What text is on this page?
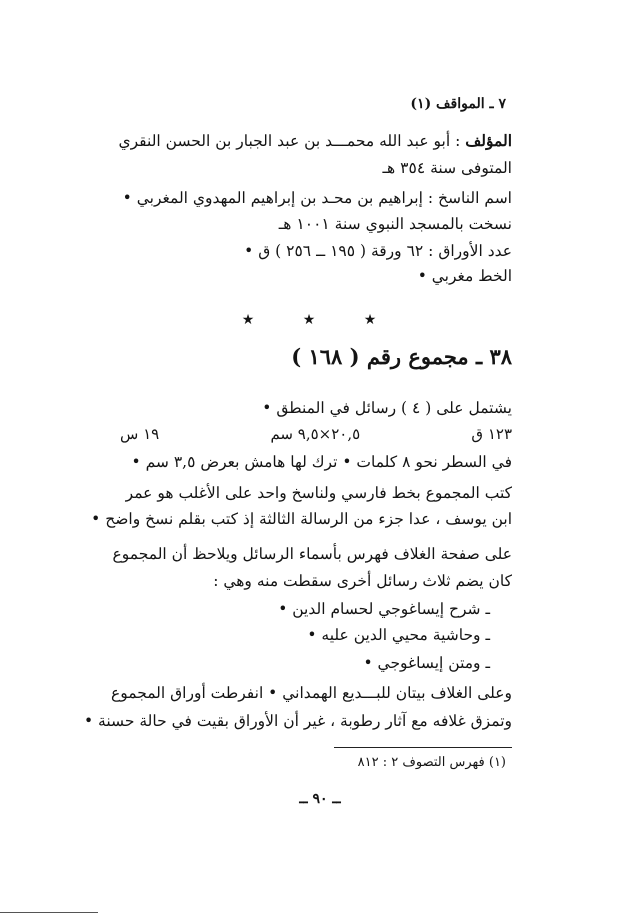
٧ ـ المواقف (١)
المؤلف : أبو عبد الله محمـــد بن عبد الجبار بن الحسن النقري
المتوفى سنة ٣٥٤ هـ
اسم الناسخ : إبراهيم بن محـد بن إبراهيم المهدوي المغربي •
نسخت بالمسجد النبوي سنة ١٠٠١ هـ
عدد الأوراق : ٦٢ ورقة ( ١٩٥ ــ ٢٥٦ ) ق •
الخط مغربي •
★ ★ ★
٣٨ ـ مجموع رقم ( ١٦٨ )
يشتمل على ( ٤ ) رسائل في المنطق •
١٢٣ ق
٢٠,٥×٩,٥ سم
١٩ س
في السطر نحو ٨ كلمات • ترك لها هامش بعرض ٣,٥ سم •
كتب المجموع بخط فارسي ولناسخ واحد على الأغلب هو عمر
ابن يوسف ، عدا جزء من الرسالة الثالثة إذ كتب بقلم نسخ واضح •
على صفحة الغلاف فهرس بأسماء الرسائل ويلاحظ أن المجموع
كان يضم ثلاث رسائل أخرى سقطت منه وهي :
ـ شرح إيساغوجي لحسام الدين •
ـ وحاشية محيي الدين عليه •
ـ ومتن إيساغوجي •
وعلى الغلاف بيتان للبـــديع الهمداني • انفرطت أوراق المجموع
وتمزق غلافه مع آثار رطوبة ، غير أن الأوراق بقيت في حالة حسنة •
(١) فهرس التصوف ٢ : ٨١٢
ــ ٩٠ ــ
